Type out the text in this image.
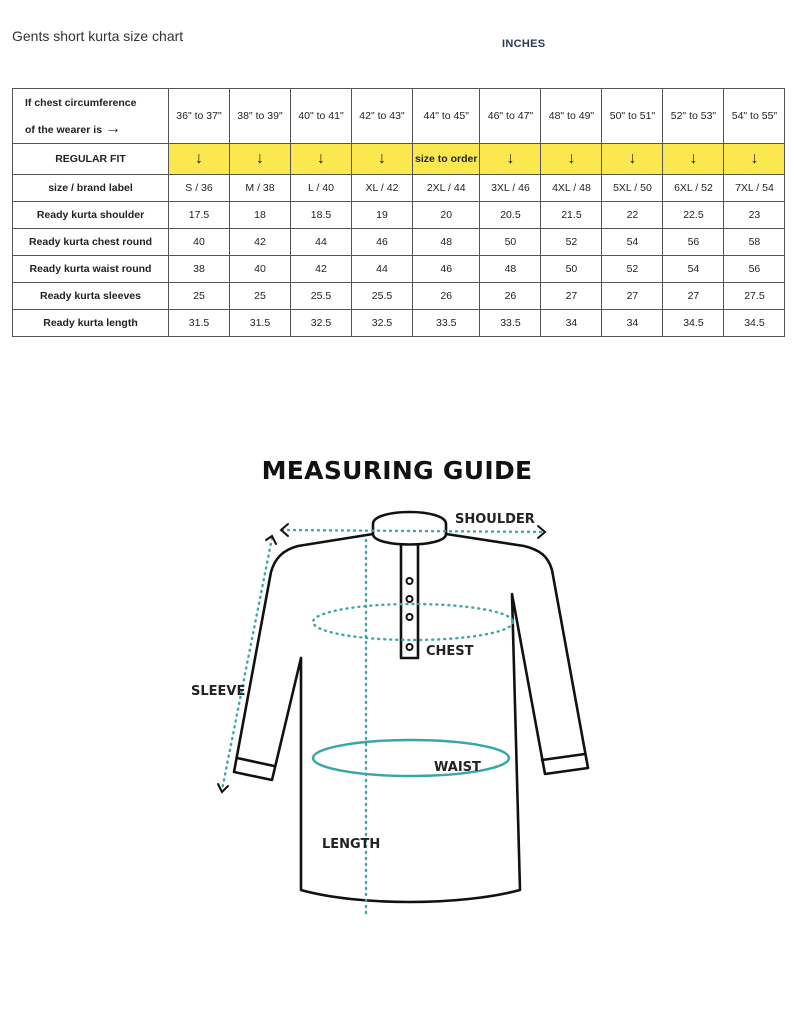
Gents short kurta size chart	INCHES
If chest circumference
of the wearer is →	36" to 37"	38" to 39"	40" to 41"	42" to 43"	44" to 45"	46" to 47"	48" to 49"	50" to 51"	52" to 53"	54" to 55"
REGULAR FIT	↓	↓	↓	↓	size to order	↓	↓	↓	↓	↓
size / brand label	S / 36	M / 38	L / 40	XL / 42	2XL / 44	3XL / 46	4XL / 48	5XL / 50	6XL / 52	7XL / 54
Ready kurta shoulder	17.5	18	18.5	19	20	20.5	21.5	22	22.5	23
Ready kurta chest round	40	42	44	46	48	50	52	54	56	58
Ready kurta waist round	38	40	42	44	46	48	50	52	54	56
Ready kurta sleeves	25	25	25.5	25.5	26	26	27	27	27	27.5
Ready kurta length	31.5	31.5	32.5	32.5	33.5	33.5	34	34	34.5	34.5
MEASURING GUIDE
SHOULDER
CHEST
SLEEVE
WAIST
LENGTH
